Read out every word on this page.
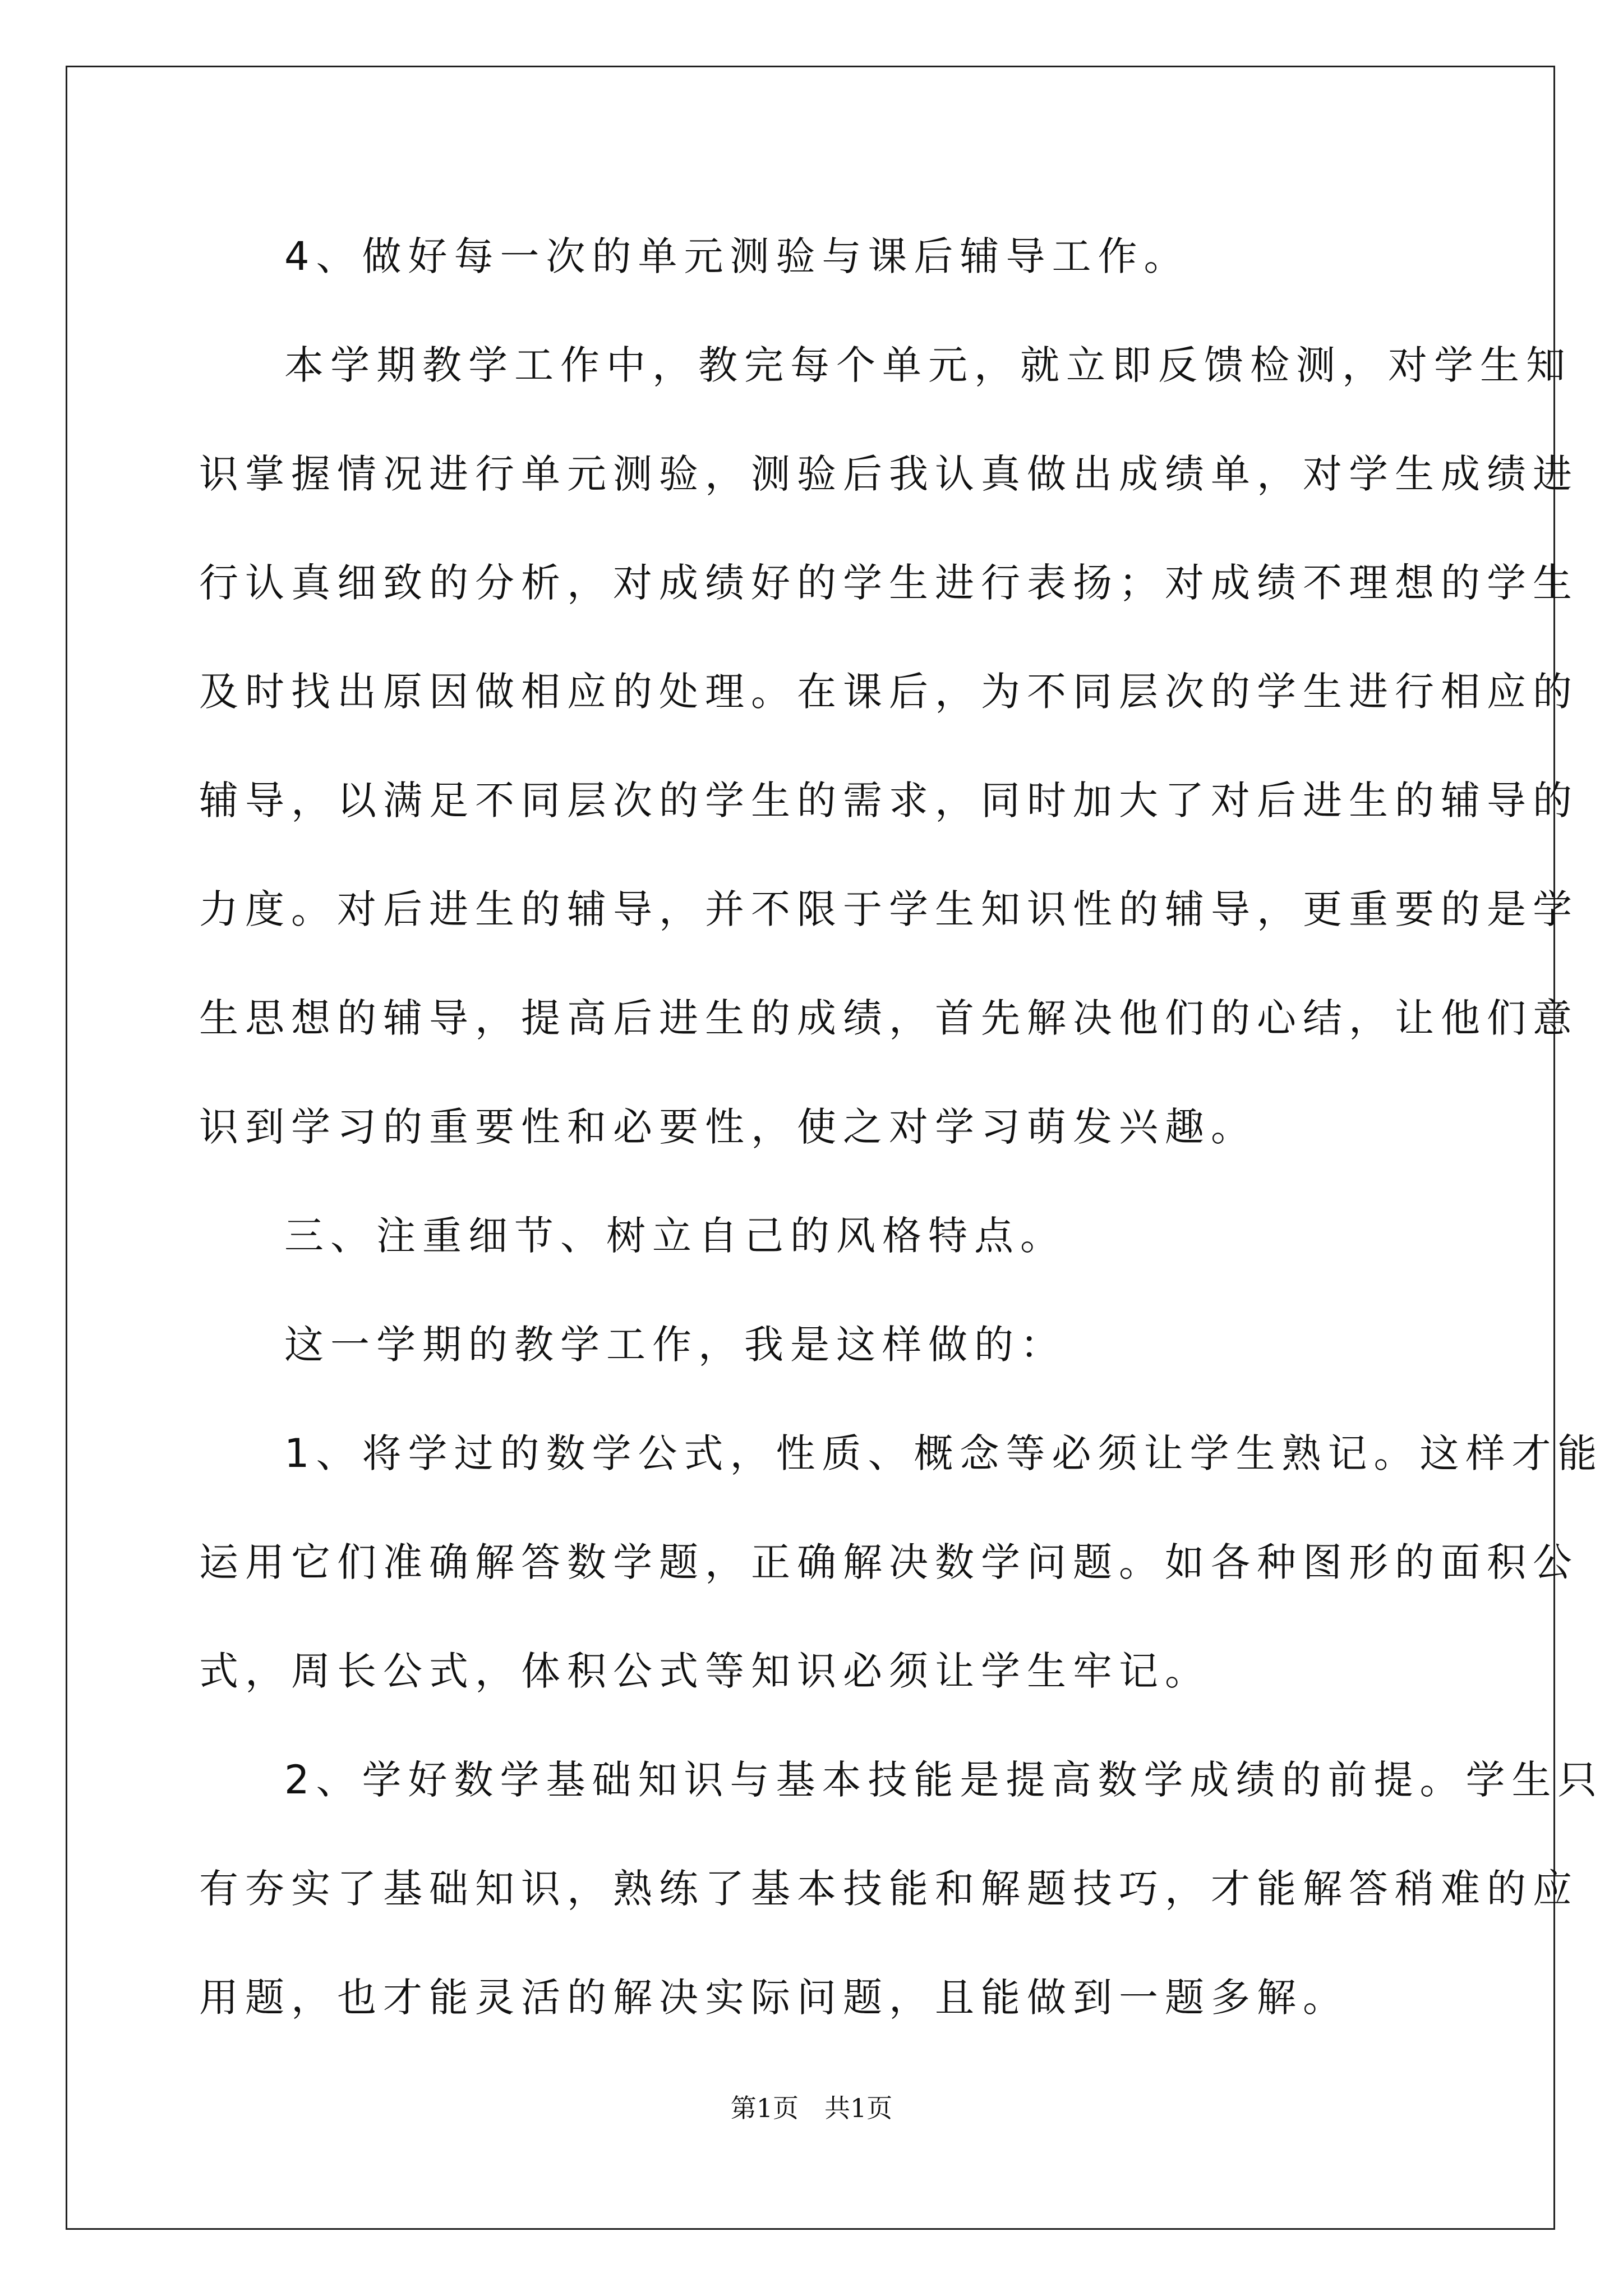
4、做好每一次的单元测验与课后辅导工作。
本学期教学工作中，教完每个单元，就立即反馈检测，对学生知
识掌握情况进行单元测验，测验后我认真做出成绩单，对学生成绩进
行认真细致的分析，对成绩好的学生进行表扬；对成绩不理想的学生
及时找出原因做相应的处理。在课后，为不同层次的学生进行相应的
辅导，以满足不同层次的学生的需求，同时加大了对后进生的辅导的
力度。对后进生的辅导，并不限于学生知识性的辅导，更重要的是学
生思想的辅导，提高后进生的成绩，首先解决他们的心结，让他们意
识到学习的重要性和必要性，使之对学习萌发兴趣。
三、注重细节、树立自己的风格特点。
这一学期的教学工作，我是这样做的：
1、将学过的数学公式，性质、概念等必须让学生熟记。这样才能
运用它们准确解答数学题，正确解决数学问题。如各种图形的面积公
式，周长公式，体积公式等知识必须让学生牢记。
2、学好数学基础知识与基本技能是提高数学成绩的前提。学生只
有夯实了基础知识，熟练了基本技能和解题技巧，才能解答稍难的应
用题，也才能灵活的解决实际问题，且能做到一题多解。
第1页　共1页
